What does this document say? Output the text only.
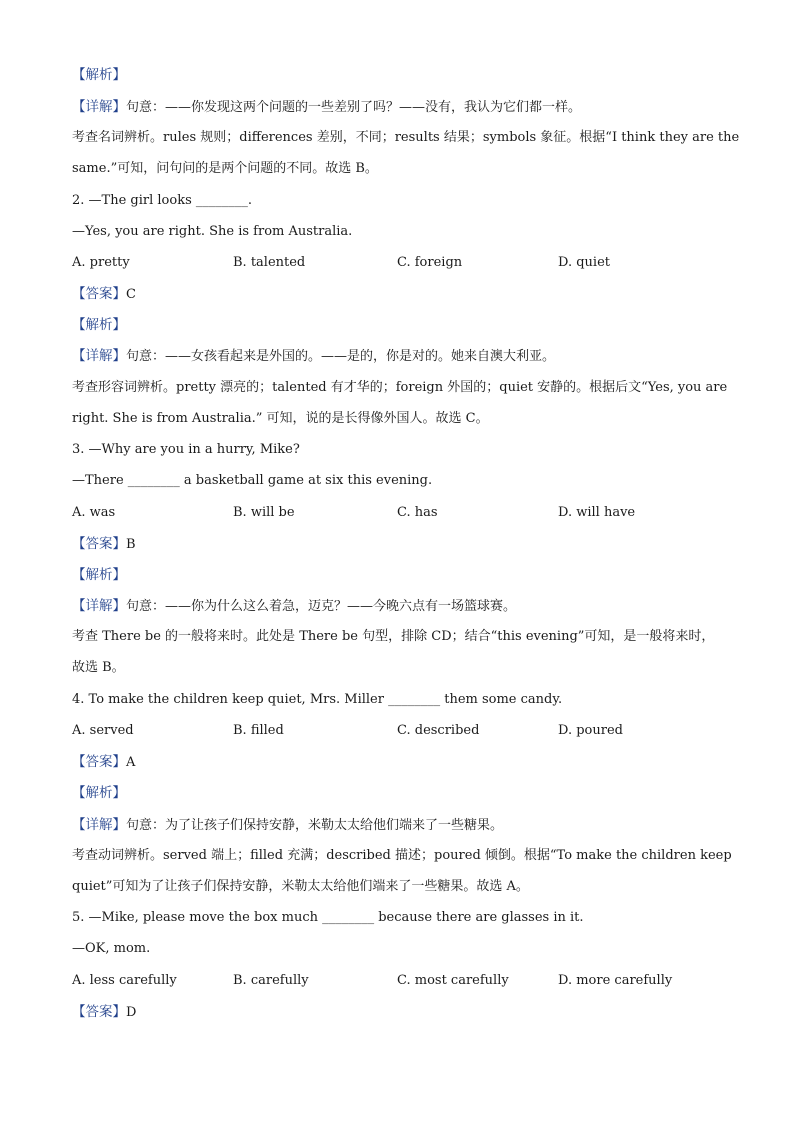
【解析】
【详解】句意：——你发现这两个问题的一些差别了吗？——没有，我认为它们都一样。
考查名词辨析。rules 规则；differences 差别，不同；results 结果；symbols 象征。根据“I think they are the
same.”可知，问句问的是两个问题的不同。故选 B。
2. —The girl looks ________.
—Yes, you are right. She is from Australia.
A. pretty	B. talented	C. foreign	D. quiet
【答案】C
【解析】
【详解】句意：——女孩看起来是外国的。——是的，你是对的。她来自澳大利亚。
考查形容词辨析。pretty 漂亮的；talented 有才华的；foreign 外国的；quiet 安静的。根据后文“Yes, you are
right. She is from Australia.” 可知，说的是长得像外国人。故选 C。
3. —Why are you in a hurry, Mike?
—There ________ a basketball game at six this evening.
A. was	B. will be	C. has	D. will have
【答案】B
【解析】
【详解】句意：——你为什么这么着急，迈克？——今晚六点有一场篮球赛。
考查 There be 的一般将来时。此处是 There be 句型，排除 CD；结合“this evening”可知，是一般将来时，
故选 B。
4. To make the children keep quiet, Mrs. Miller ________ them some candy.
A. served	B. filled	C. described	D. poured
【答案】A
【解析】
【详解】句意：为了让孩子们保持安静，米勒太太给他们端来了一些糖果。
考查动词辨析。served 端上；filled 充满；described 描述；poured 倾倒。根据“To make the children keep
quiet”可知为了让孩子们保持安静，米勒太太给他们端来了一些糖果。故选 A。
5. —Mike, please move the box much ________ because there are glasses in it.
—OK, mom.
A. less carefully	B. carefully	C. most carefully	D. more carefully
【答案】D
